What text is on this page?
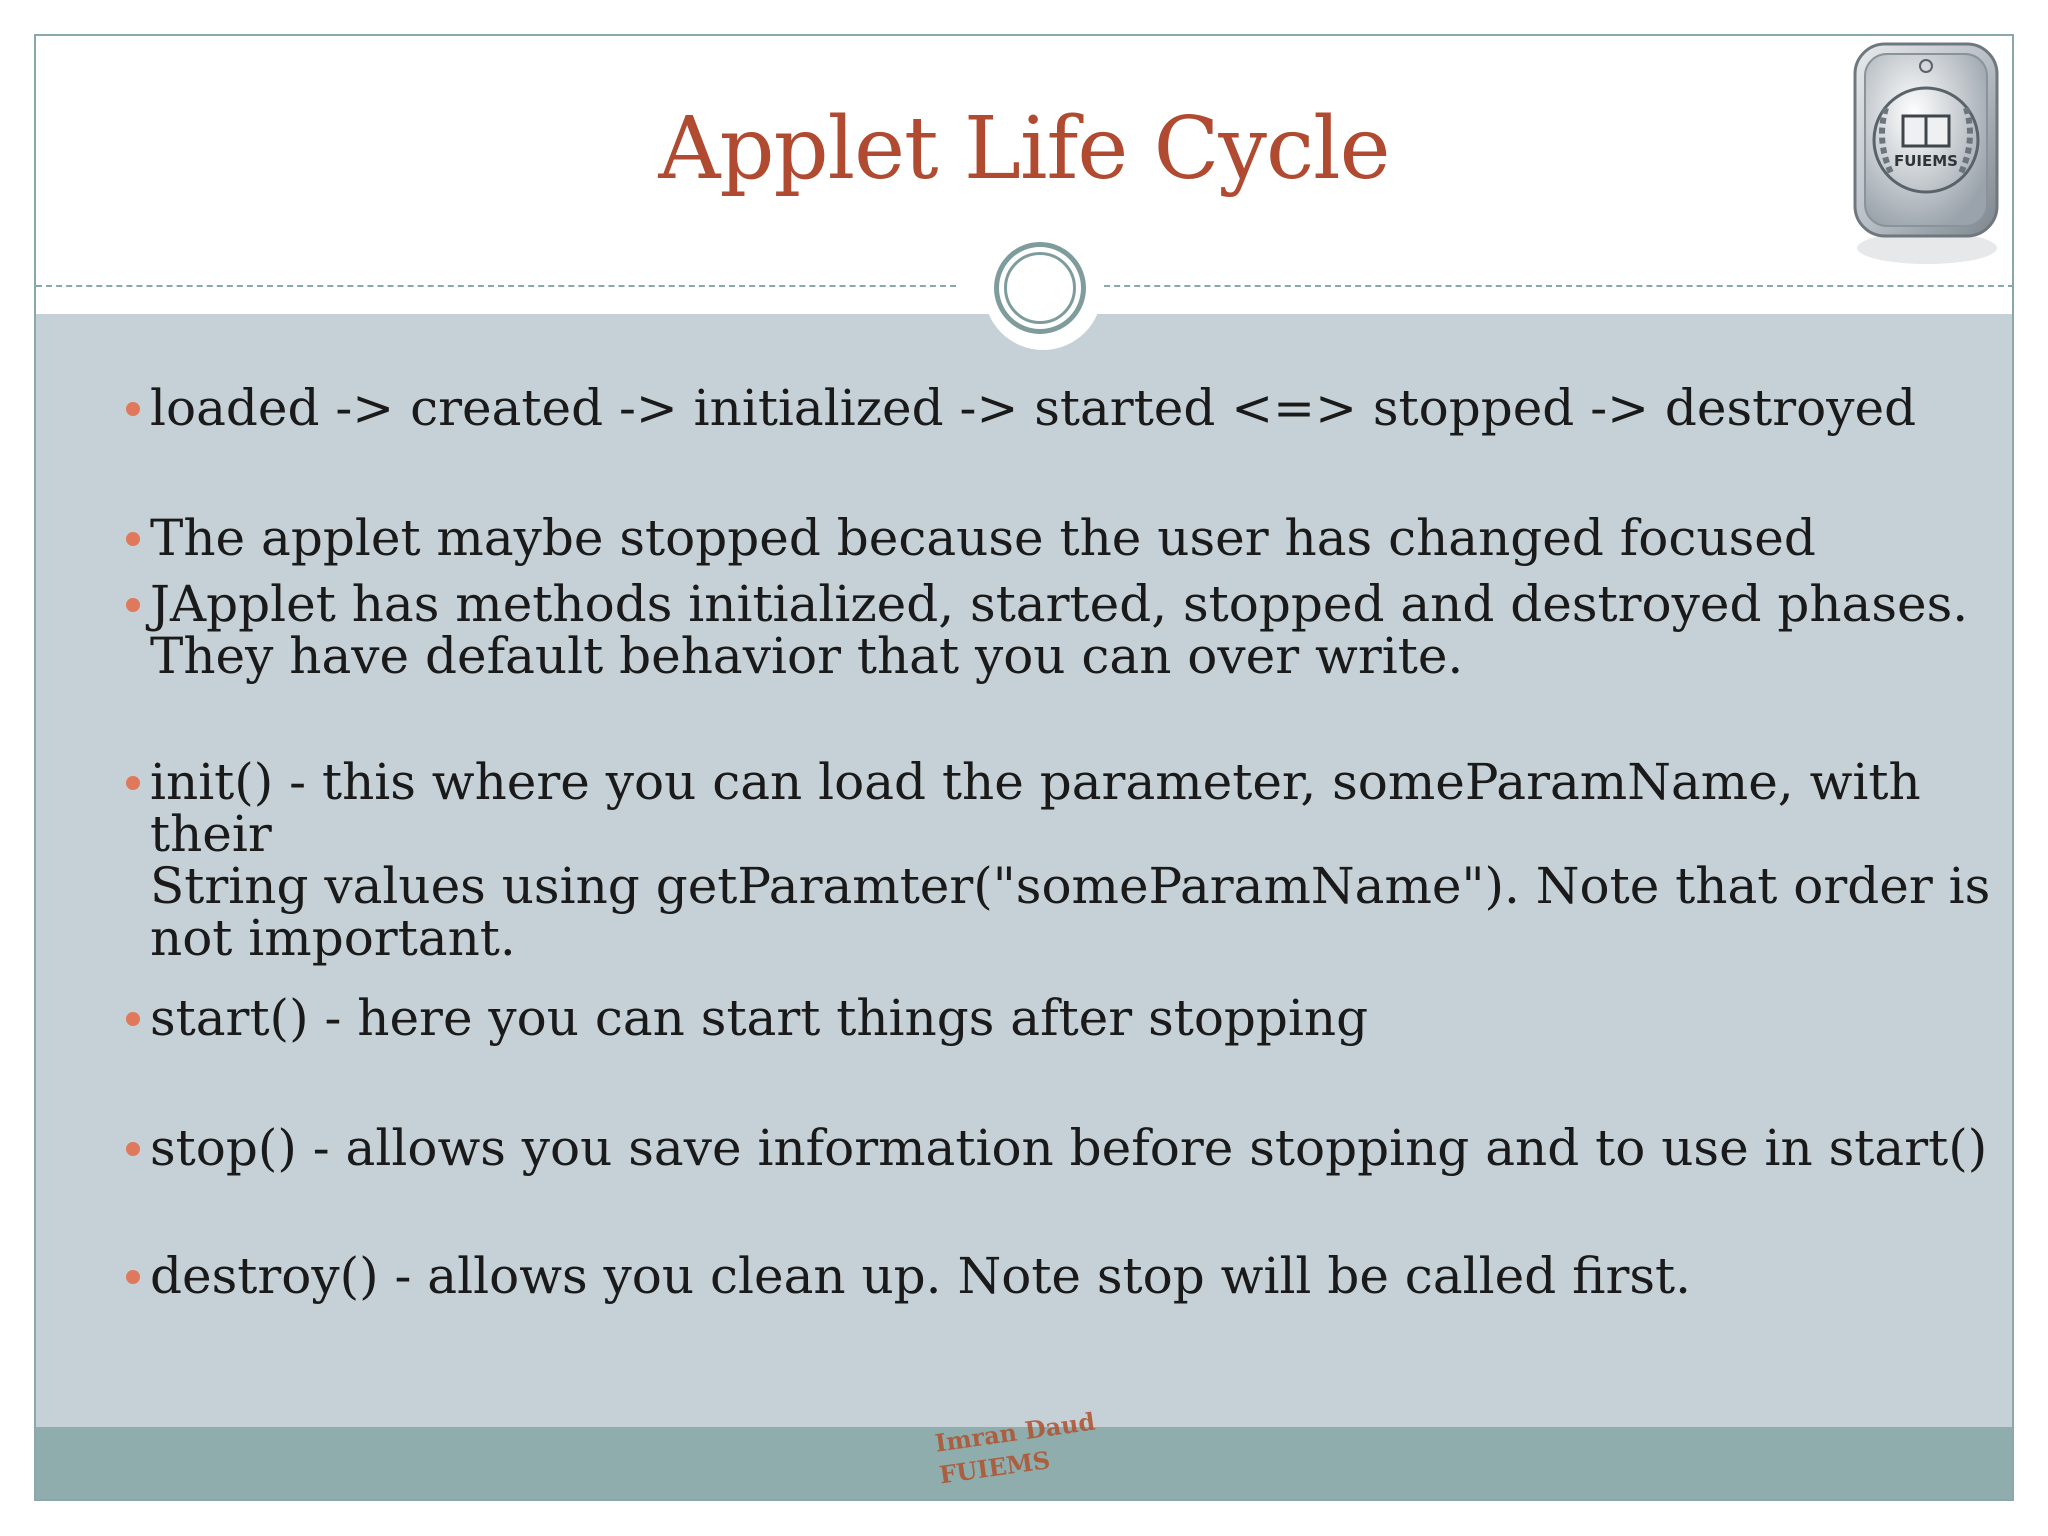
Applet Life Cycle	FUIEMS
loaded -> created -> initialized -> started <=> stopped -> destroyed
The applet maybe stopped because the user has changed focused
JApplet has methods initialized, started, stopped and destroyed phases.
They have default behavior that you can over write.
init() - this where you can load the parameter, someParamName, with their
String values using getParamter("someParamName"). Note that order is
not important.
start() - here you can start things after stopping
stop() - allows you save information before stopping and to use in start()
destroy() - allows you clean up. Note stop will be called first.
Imran Daud
FUIEMS
